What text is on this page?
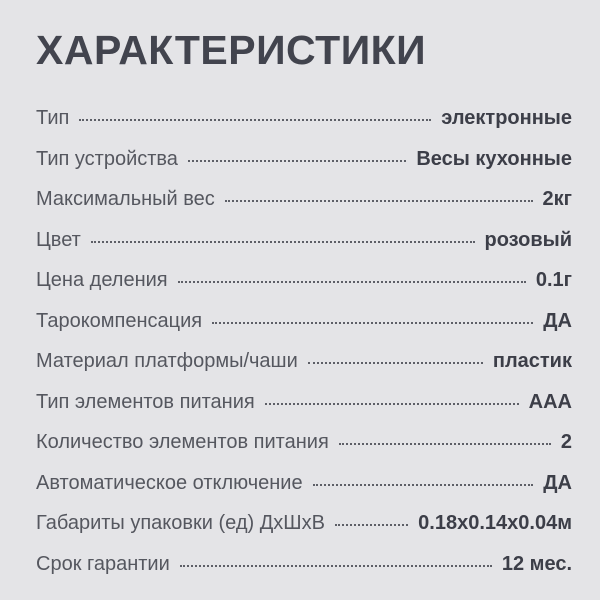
ХАРАКТЕРИСТИКИ
Тип	электронные
Тип устройства	Весы кухонные
Максимальный вес	2кг
Цвет	розовый
Цена деления	0.1г
Тарокомпенсация	ДА
Материал платформы/чаши	пластик
Тип элементов питания	AAA
Количество элементов питания	2
Автоматическое отключение	ДА
Габариты упаковки (ед) ДхШхВ	0.18x0.14x0.04м
Срок гарантии	12 мес.
